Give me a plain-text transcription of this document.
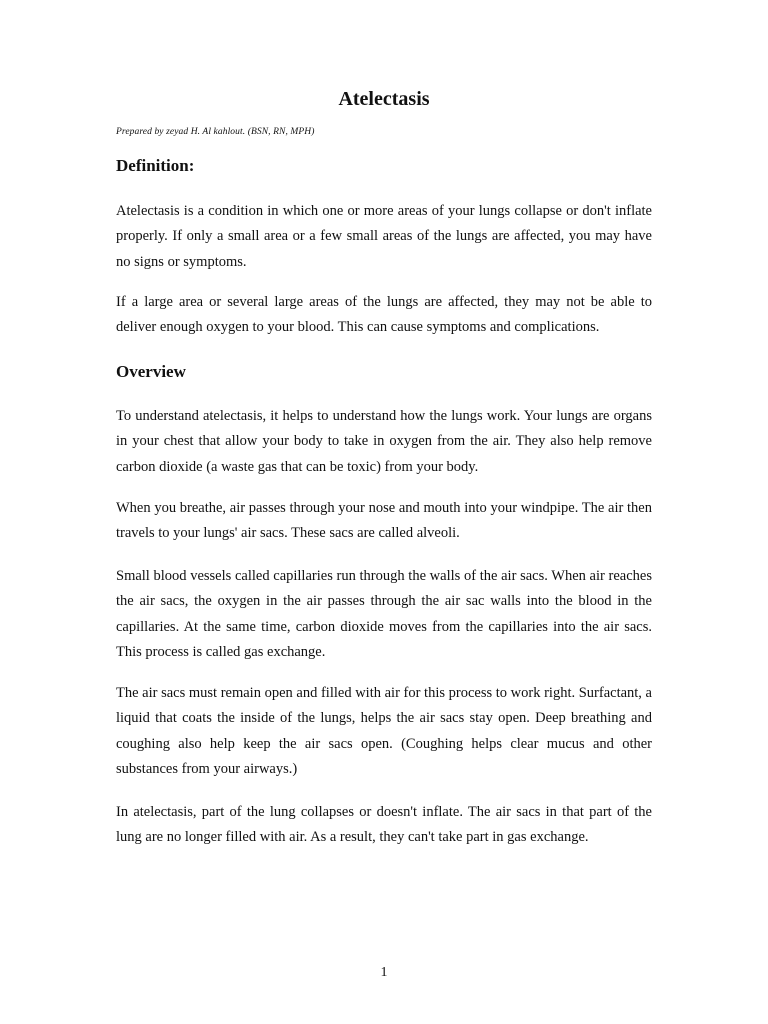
Atelectasis

Prepared by zeyad H. Al kahlout. (BSN, RN, MPH)

Definition:

Atelectasis is a condition in which one or more areas of your lungs collapse or don't inflate properly. If only a small area or a few small areas of the lungs are affected, you may have no signs or symptoms.

If a large area or several large areas of the lungs are affected, they may not be able to deliver enough oxygen to your blood. This can cause symptoms and complications.

Overview

To understand atelectasis, it helps to understand how the lungs work. Your lungs are organs in your chest that allow your body to take in oxygen from the air. They also help remove carbon dioxide (a waste gas that can be toxic) from your body.

When you breathe, air passes through your nose and mouth into your windpipe. The air then travels to your lungs' air sacs. These sacs are called alveoli.

Small blood vessels called capillaries run through the walls of the air sacs. When air reaches the air sacs, the oxygen in the air passes through the air sac walls into the blood in the capillaries. At the same time, carbon dioxide moves from the capillaries into the air sacs. This process is called gas exchange.

The air sacs must remain open and filled with air for this process to work right. Surfactant, a liquid that coats the inside of the lungs, helps the air sacs stay open. Deep breathing and coughing also help keep the air sacs open. (Coughing helps clear mucus and other substances from your airways.)

In atelectasis, part of the lung collapses or doesn't inflate. The air sacs in that part of the lung are no longer filled with air. As a result, they can't take part in gas exchange.

1
